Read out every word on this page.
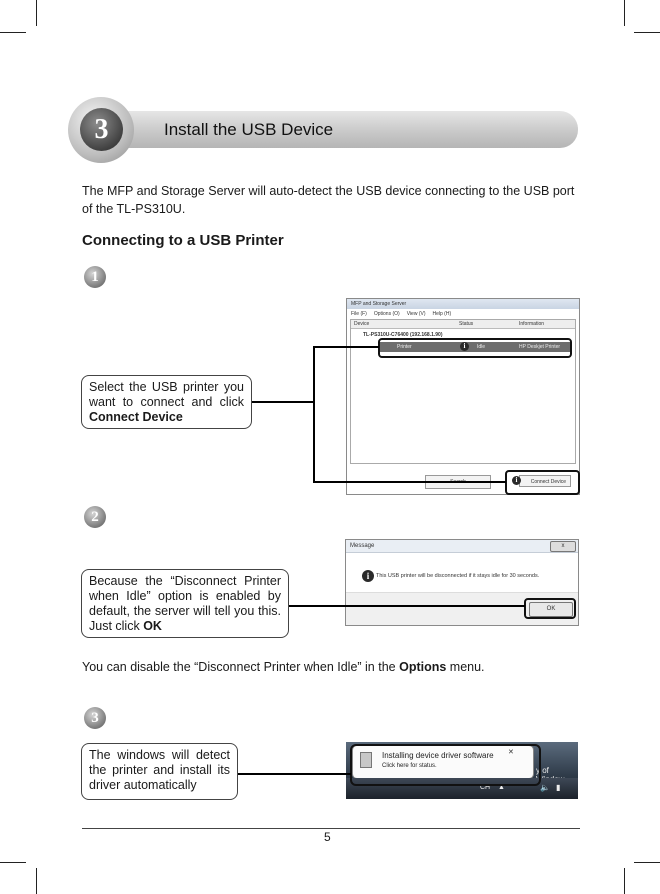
3	Install the USB Device
The MFP and Storage Server will auto-detect the USB device connecting to the USB port of the TL-PS310U.
Connecting to a USB Printer
1
Select the USB printer you want to connect and click Connect Device
MFP and Storage Server
File (F) Options (O) View (V) Help (H)
Device	Status	Information
TL-PS310U-C76400 (192.168.1.90)
Printer	Idle	HP Deskjet Printer
Connect Device
i
i
2
Because the “Disconnect Printer when Idle” option is enabled by default, the server will tell you this. Just click OK
Message	x
This USB printer will be disconnected if it stays idle for 30 seconds.
OK
i
You can disable the “Disconnect Printer when Idle” in the Options menu.
3
The windows will detect the printer and install its driver automatically
Installing device driver software
Click here for status.
✕
y of
CH ▲	🔈 ▮
5
